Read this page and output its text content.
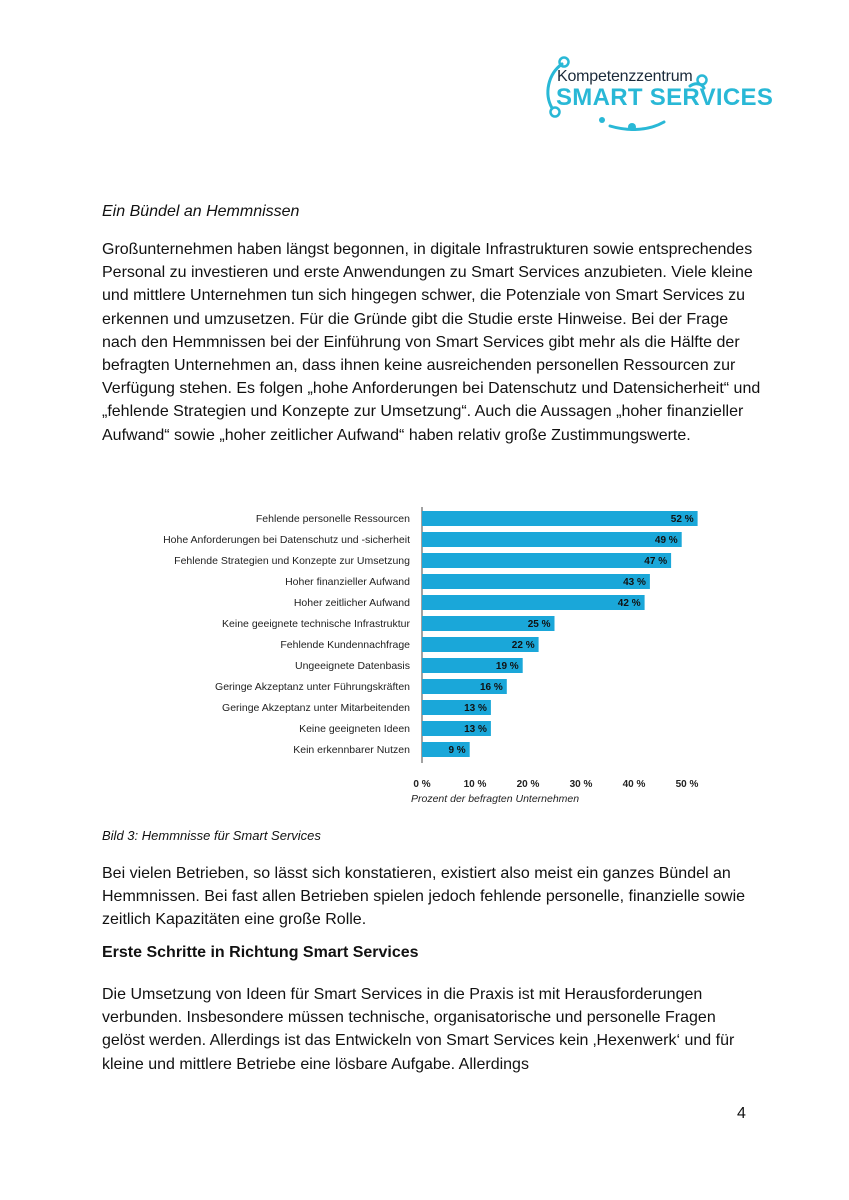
Kompetenzzentrum
SMART SERVICES
Ein Bündel an Hemmnissen

Großunternehmen haben längst begonnen, in digitale Infrastrukturen sowie entsprechendes Personal zu investieren und erste Anwendungen zu Smart Services anzubieten. Viele kleine und mittlere Unternehmen tun sich hingegen schwer, die Potenziale von Smart Services zu erkennen und umzusetzen. Für die Gründe gibt die Studie erste Hinweise. Bei der Frage nach den Hemmnissen bei der Einführung von Smart Services gibt mehr als die Hälfte der befragten Unternehmen an, dass ihnen keine ausreichenden personellen Ressourcen zur Verfügung stehen. Es folgen „hohe Anforderungen bei Datenschutz und Datensicherheit“ und „fehlende Strategien und Konzepte zur Umsetzung“. Auch die Aussagen „hoher finanzieller Aufwand“ sowie „hoher zeitlicher Aufwand“ haben relativ große Zustimmungswerte.

52 %
Fehlende personelle Ressourcen
49 %
Hohe Anforderungen bei Datenschutz und -sicherheit
47 %
Fehlende Strategien und Konzepte zur Umsetzung
43 %
Hoher finanzieller Aufwand
42 %
Hoher zeitlicher Aufwand
25 %
Keine geeignete technische Infrastruktur
22 %
Fehlende Kundennachfrage
19 %
Ungeeignete Datenbasis
16 %
Geringe Akzeptanz unter Führungskräften
13 %
Geringe Akzeptanz unter Mitarbeitenden
13 %
Keine geeigneten Ideen
9 %
Kein erkennbarer Nutzen
0 %	10 %	20 %	30 %	40 %	50 %
Prozent der befragten Unternehmen
Bild 3: Hemmnisse für Smart Services

Bei vielen Betrieben, so lässt sich konstatieren, existiert also meist ein ganzes Bündel an Hemmnissen. Bei fast allen Betrieben spielen jedoch fehlende personelle, finanzielle sowie zeitlich Kapazitäten eine große Rolle.

Erste Schritte in Richtung Smart Services

Die Umsetzung von Ideen für Smart Services in die Praxis ist mit Herausforderungen verbunden. Insbesondere müssen technische, organisatorische und personelle Fragen gelöst werden. Allerdings ist das Entwickeln von Smart Services kein ‚Hexenwerk‘ und für kleine und mittlere Betriebe eine lösbare Aufgabe. Allerdings

4
